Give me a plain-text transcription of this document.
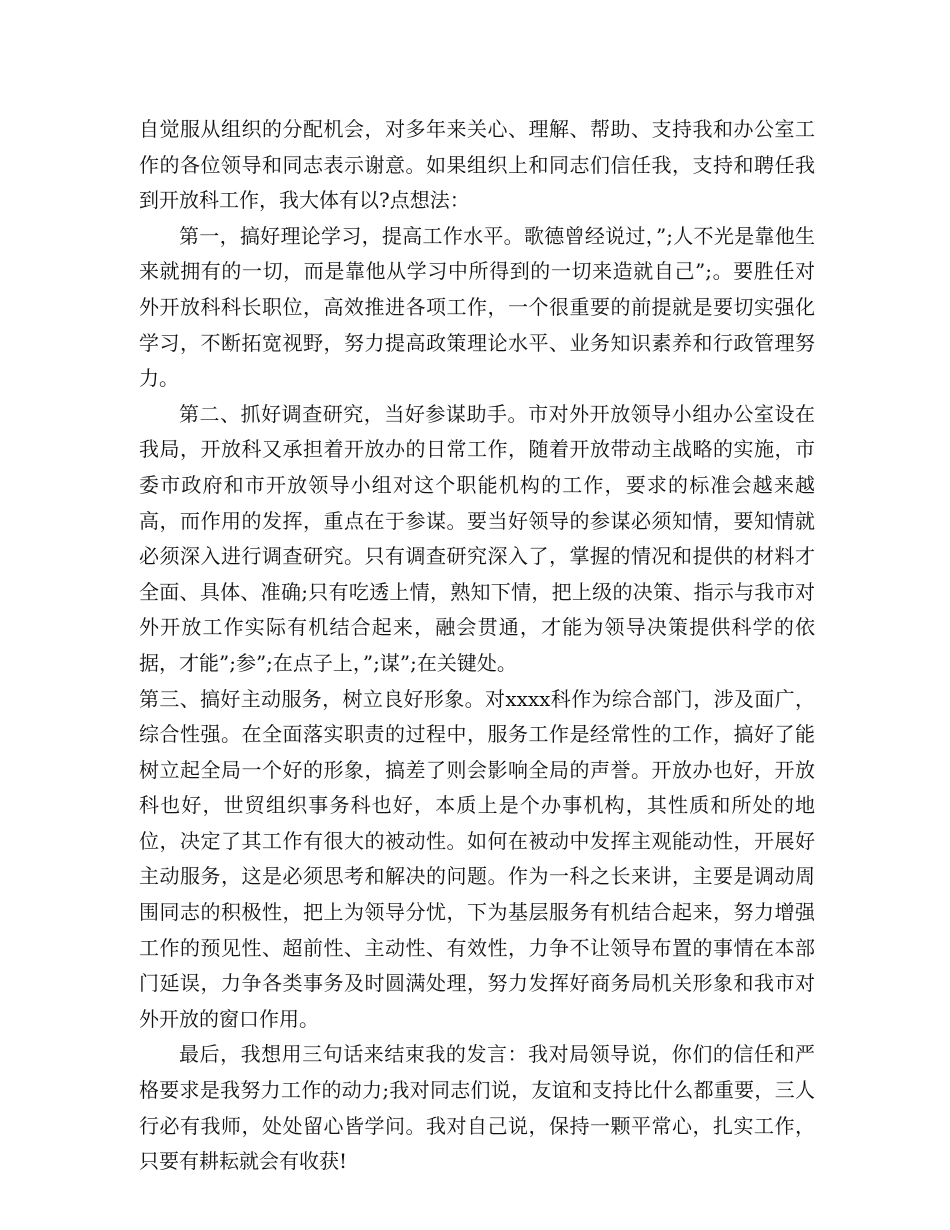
自觉服从组织的分配机会，对多年来关心、理解、帮助、支持我和办公室工作的各位领导和同志表示谢意。如果组织上和同志们信任我，支持和聘任我到开放科工作，我大体有以?点想法：

第一，搞好理论学习，提高工作水平。歌德曾经说过，”;人不光是靠他生来就拥有的一切，而是靠他从学习中所得到的一切来造就自己”;。要胜任对外开放科科长职位，高效推进各项工作，一个很重要的前提就是要切实强化学习，不断拓宽视野，努力提高政策理论水平、业务知识素养和行政管理努力。

第二、抓好调查研究，当好参谋助手。市对外开放领导小组办公室设在我局，开放科又承担着开放办的日常工作，随着开放带动主战略的实施，市委市政府和市开放领导小组对这个职能机构的工作，要求的标准会越来越高，而作用的发挥，重点在于参谋。要当好领导的参谋必须知情，要知情就必须深入进行调查研究。只有调查研究深入了，掌握的情况和提供的材料才全面、具体、准确;只有吃透上情，熟知下情，把上级的决策、指示与我市对外开放工作实际有机结合起来，融会贯通，才能为领导决策提供科学的依据，才能”;参”;在点子上，”;谋”;在关键处。

第三、搞好主动服务，树立良好形象。对xxxx科作为综合部门，涉及面广，综合性强。在全面落实职责的过程中，服务工作是经常性的工作，搞好了能树立起全局一个好的形象，搞差了则会影响全局的声誉。开放办也好，开放科也好，世贸组织事务科也好，本质上是个办事机构，其性质和所处的地位，决定了其工作有很大的被动性。如何在被动中发挥主观能动性，开展好主动服务，这是必须思考和解决的问题。作为一科之长来讲，主要是调动周围同志的积极性，把上为领导分忧，下为基层服务有机结合起来，努力增强工作的预见性、超前性、主动性、有效性，力争不让领导布置的事情在本部门延误，力争各类事务及时圆满处理，努力发挥好商务局机关形象和我市对外开放的窗口作用。

最后，我想用三句话来结束我的发言：我对局领导说，你们的信任和严格要求是我努力工作的动力;我对同志们说，友谊和支持比什么都重要，三人行必有我师，处处留心皆学问。我对自己说，保持一颗平常心，扎实工作，只要有耕耘就会有收获!
